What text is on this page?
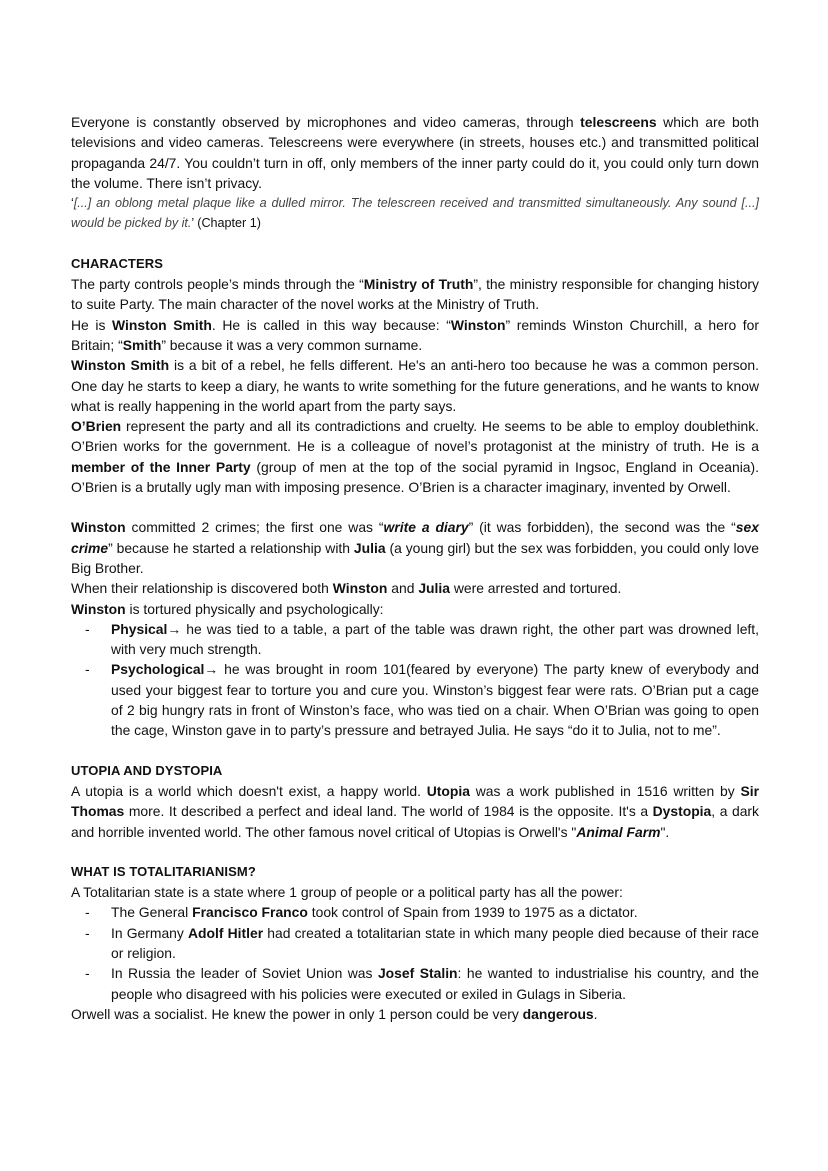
Everyone is constantly observed by microphones and video cameras, through telescreens which are both televisions and video cameras. Telescreens were everywhere (in streets, houses etc.) and transmitted political propaganda 24/7. You couldn’t turn in off, only members of the inner party could do it, you could only turn down the volume. There isn’t privacy.

‘[...] an oblong metal plaque like a dulled mirror. The telescreen received and transmitted simultaneously. Any sound [...] would be picked by it.’ (Chapter 1)

CHARACTERS

The party controls people’s minds through the “Ministry of Truth”, the ministry responsible for changing history to suite Party. The main character of the novel works at the Ministry of Truth.

He is Winston Smith. He is called in this way because: “Winston” reminds Winston Churchill, a hero for Britain; “Smith” because it was a very common surname.

Winston Smith is a bit of a rebel, he fells different. He's an anti-hero too because he was a common person. One day he starts to keep a diary, he wants to write something for the future generations, and he wants to know what is really happening in the world apart from the party says.

O’Brien represent the party and all its contradictions and cruelty. He seems to be able to employ doublethink. O’Brien works for the government. He is a colleague of novel’s protagonist at the ministry of truth. He is a member of the Inner Party (group of men at the top of the social pyramid in Ingsoc, England in Oceania). O’Brien is a brutally ugly man with imposing presence. O’Brien is a character imaginary, invented by Orwell.

Winston committed 2 crimes; the first one was “write a diary” (it was forbidden), the second was the “sex crime” because he started a relationship with Julia (a young girl) but the sex was forbidden, you could only love Big Brother.

When their relationship is discovered both Winston and Julia were arrested and tortured.

Winston is tortured physically and psychologically:

- Physical→ he was tied to a table, a part of the table was drawn right, the other part was drowned left, with very much strength.
- Psychological→ he was brought in room 101(feared by everyone) The party knew of everybody and used your biggest fear to torture you and cure you. Winston’s biggest fear were rats. O’Brian put a cage of 2 big hungry rats in front of Winston’s face, who was tied on a chair. When O’Brian was going to open the cage, Winston gave in to party’s pressure and betrayed Julia. He says “do it to Julia, not to me”.

UTOPIA AND DYSTOPIA

A utopia is a world which doesn't exist, a happy world. Utopia was a work published in 1516 written by Sir Thomas more. It described a perfect and ideal land. The world of 1984 is the opposite. It's a Dystopia, a dark and horrible invented world. The other famous novel critical of Utopias is Orwell's "Animal Farm".

WHAT IS TOTALITARIANISM?

A Totalitarian state is a state where 1 group of people or a political party has all the power:

- The General Francisco Franco took control of Spain from 1939 to 1975 as a dictator.
- In Germany Adolf Hitler had created a totalitarian state in which many people died because of their race or religion.
- In Russia the leader of Soviet Union was Josef Stalin: he wanted to industrialise his country, and the people who disagreed with his policies were executed or exiled in Gulags in Siberia.

Orwell was a socialist. He knew the power in only 1 person could be very dangerous.
